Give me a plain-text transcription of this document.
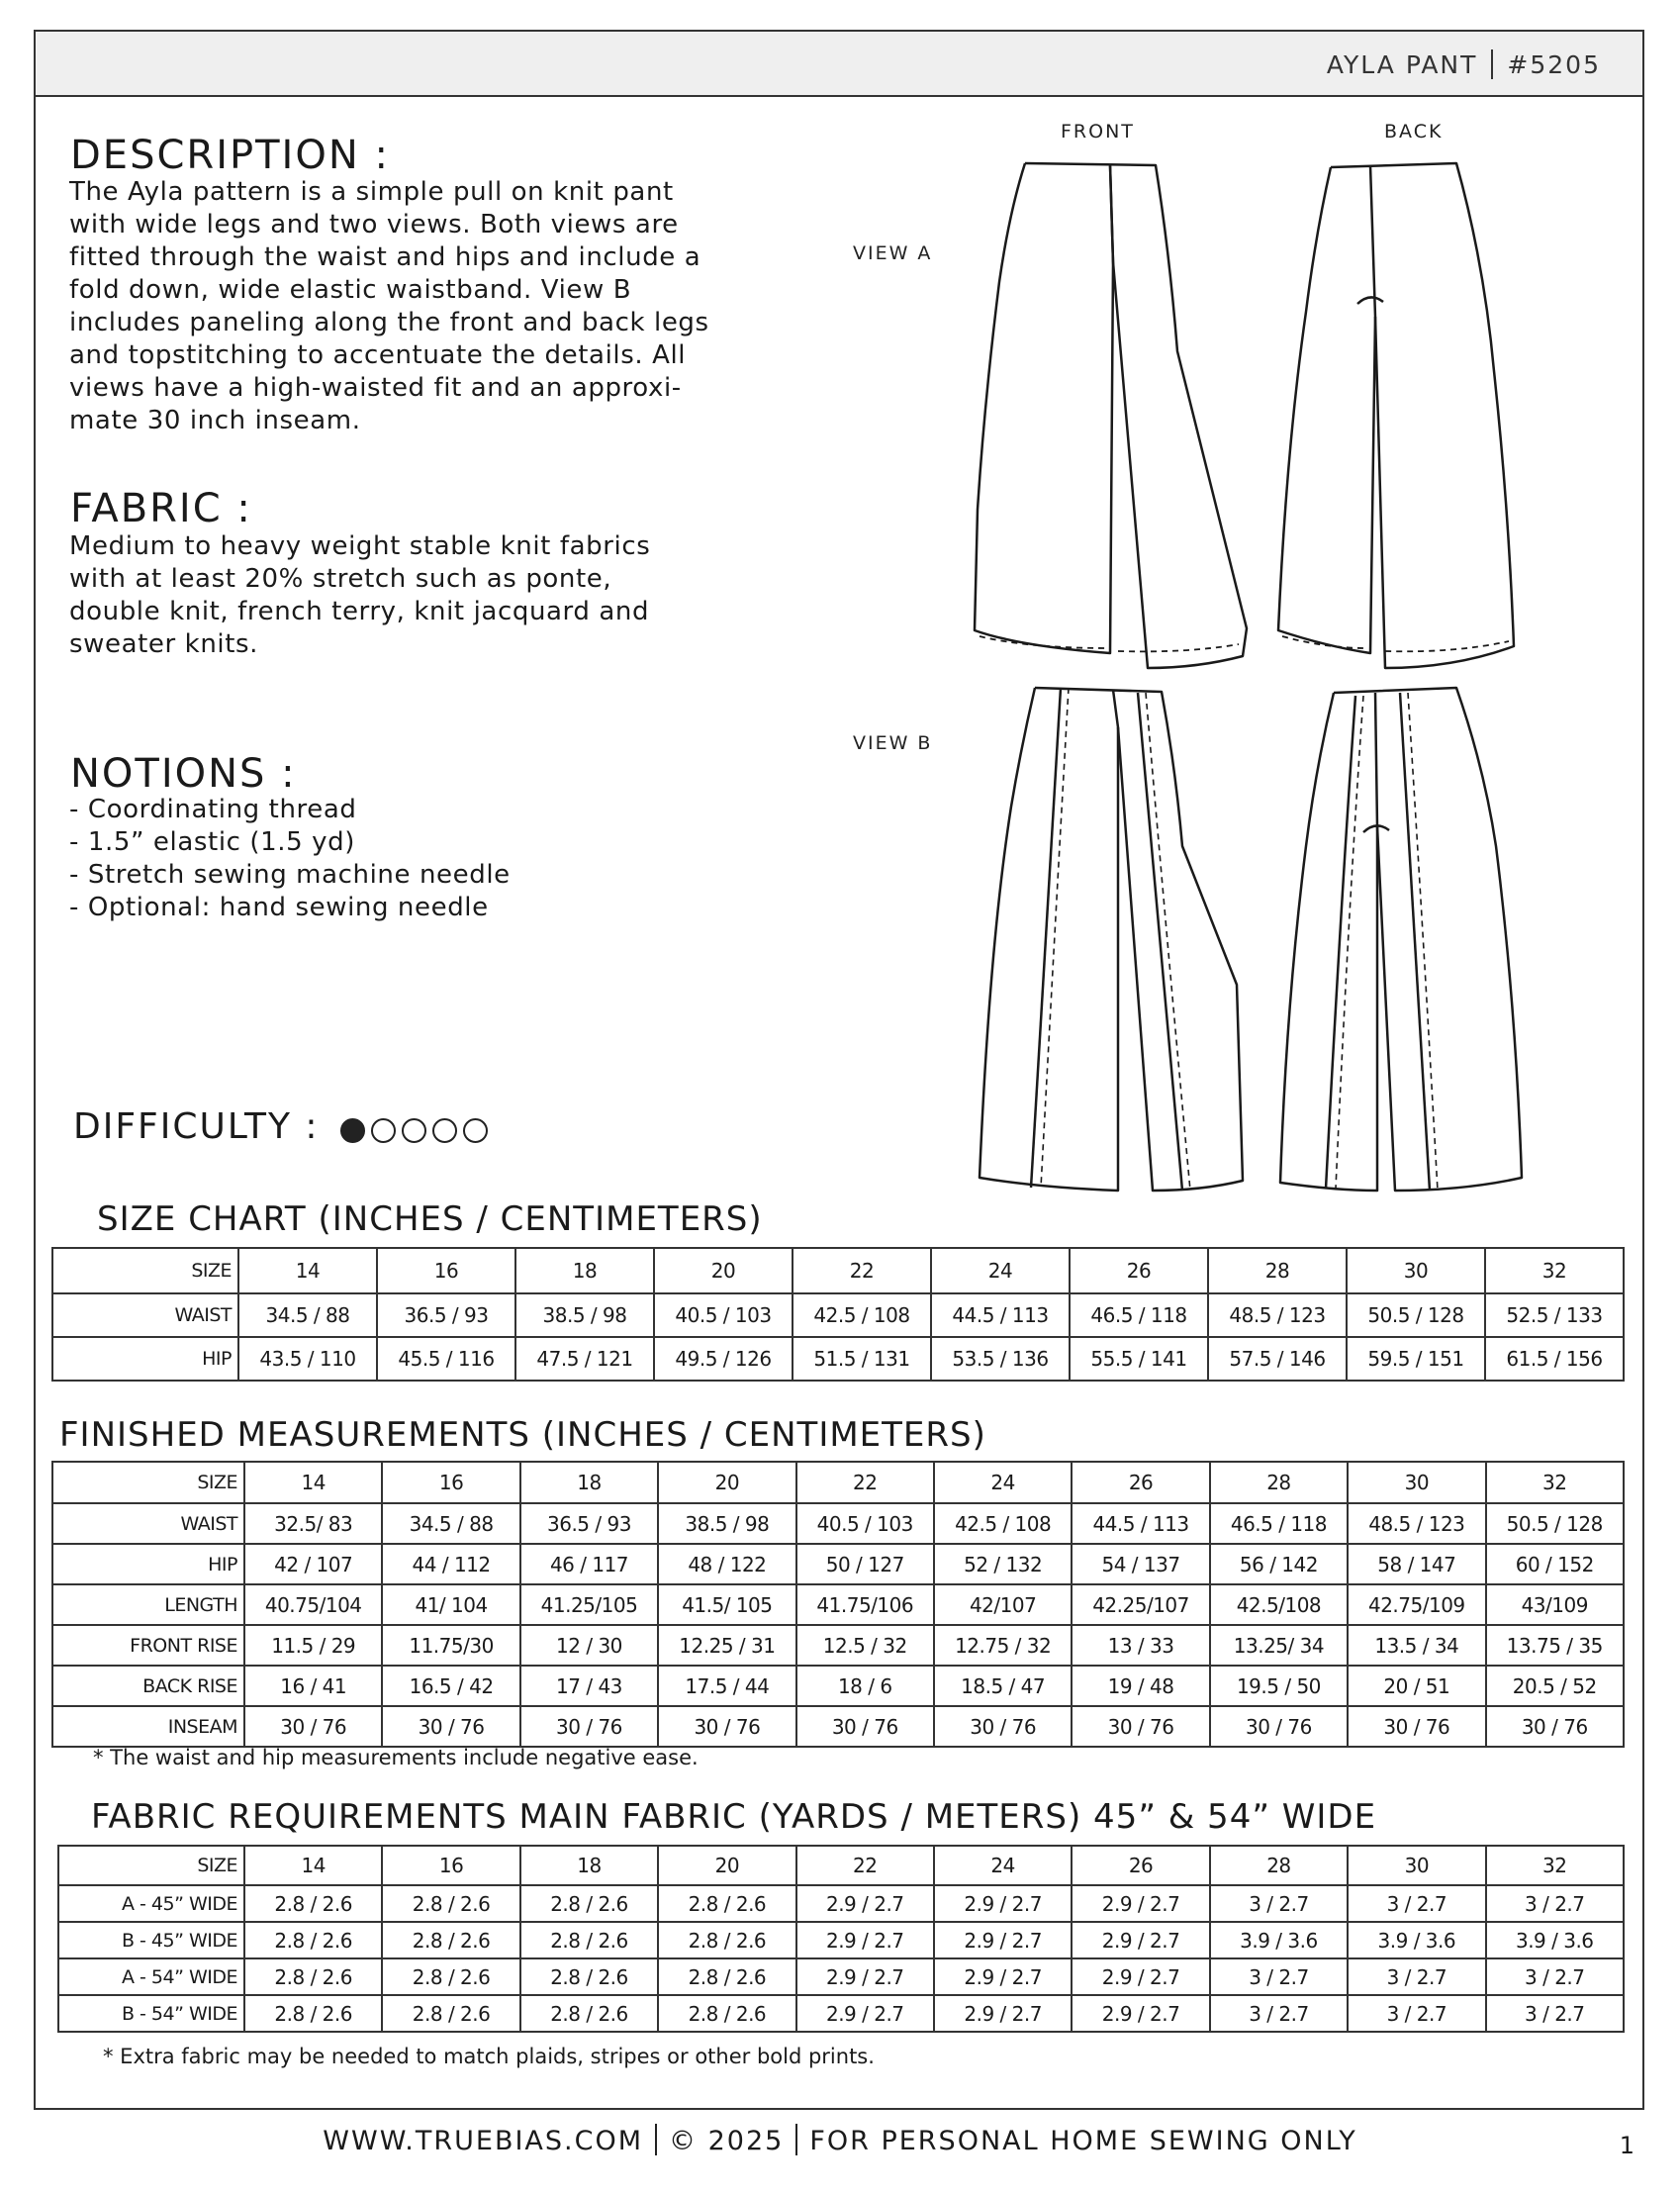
AYLA PANT #5205
DESCRIPTION :
The Ayla pattern is a simple pull on knit pant
with wide legs and two views. Both views are
fitted through the waist and hips and include a
fold down, wide elastic waistband. View B
includes paneling along the front and back legs
and topstitching to accentuate the details. All
views have a high-waisted fit and an approxi-
mate 30 inch inseam.
FABRIC :
Medium to heavy weight stable knit fabrics
with at least 20% stretch such as ponte,
double knit, french terry, knit jacquard and
sweater knits.
NOTIONS :
- Coordinating thread
- 1.5” elastic (1.5 yd)
- Stretch sewing machine needle
- Optional: hand sewing needle
DIFFICULTY :
FRONT	BACK
VIEW A
VIEW B
SIZE CHART (INCHES / CENTIMETERS)
SIZE	14	16	18	20	22	24	26	28	30	32
WAIST	34.5 / 88	36.5 / 93	38.5 / 98	40.5 / 103	42.5 / 108	44.5 / 113	46.5 / 118	48.5 / 123	50.5 / 128	52.5 / 133
HIP	43.5 / 110	45.5 / 116	47.5 / 121	49.5 / 126	51.5 / 131	53.5 / 136	55.5 / 141	57.5 / 146	59.5 / 151	61.5 / 156
FINISHED MEASUREMENTS (INCHES / CENTIMETERS)
SIZE	14	16	18	20	22	24	26	28	30	32
WAIST	32.5/ 83	34.5 / 88	36.5 / 93	38.5 / 98	40.5 / 103	42.5 / 108	44.5 / 113	46.5 / 118	48.5 / 123	50.5 / 128
HIP	42 / 107	44 / 112	46 / 117	48 / 122	50 / 127	52 / 132	54 / 137	56 / 142	58 / 147	60 / 152
LENGTH	40.75/104	41/ 104	41.25/105	41.5/ 105	41.75/106	42/107	42.25/107	42.5/108	42.75/109	43/109
FRONT RISE	11.5 / 29	11.75/30	12 / 30	12.25 / 31	12.5 / 32	12.75 / 32	13 / 33	13.25/ 34	13.5 / 34	13.75 / 35
BACK RISE	16 / 41	16.5 / 42	17 / 43	17.5 / 44	18 / 6	18.5 / 47	19 / 48	19.5 / 50	20 / 51	20.5 / 52
INSEAM	30 / 76	30 / 76	30 / 76	30 / 76	30 / 76	30 / 76	30 / 76	30 / 76	30 / 76	30 / 76
* The waist and hip measurements include negative ease.
FABRIC REQUIREMENTS MAIN FABRIC (YARDS / METERS) 45” & 54” WIDE
SIZE	14	16	18	20	22	24	26	28	30	32
A - 45” WIDE	2.8 / 2.6	2.8 / 2.6	2.8 / 2.6	2.8 / 2.6	2.9 / 2.7	2.9 / 2.7	2.9 / 2.7	3 / 2.7	3 / 2.7	3 / 2.7
B - 45” WIDE	2.8 / 2.6	2.8 / 2.6	2.8 / 2.6	2.8 / 2.6	2.9 / 2.7	2.9 / 2.7	2.9 / 2.7	3.9 / 3.6	3.9 / 3.6	3.9 / 3.6
A - 54” WIDE	2.8 / 2.6	2.8 / 2.6	2.8 / 2.6	2.8 / 2.6	2.9 / 2.7	2.9 / 2.7	2.9 / 2.7	3 / 2.7	3 / 2.7	3 / 2.7
B - 54” WIDE	2.8 / 2.6	2.8 / 2.6	2.8 / 2.6	2.8 / 2.6	2.9 / 2.7	2.9 / 2.7	2.9 / 2.7	3 / 2.7	3 / 2.7	3 / 2.7
* Extra fabric may be needed to match plaids, stripes or other bold prints.
WWW.TRUEBIAS.COM © 2025 FOR PERSONAL HOME SEWING ONLY	1
